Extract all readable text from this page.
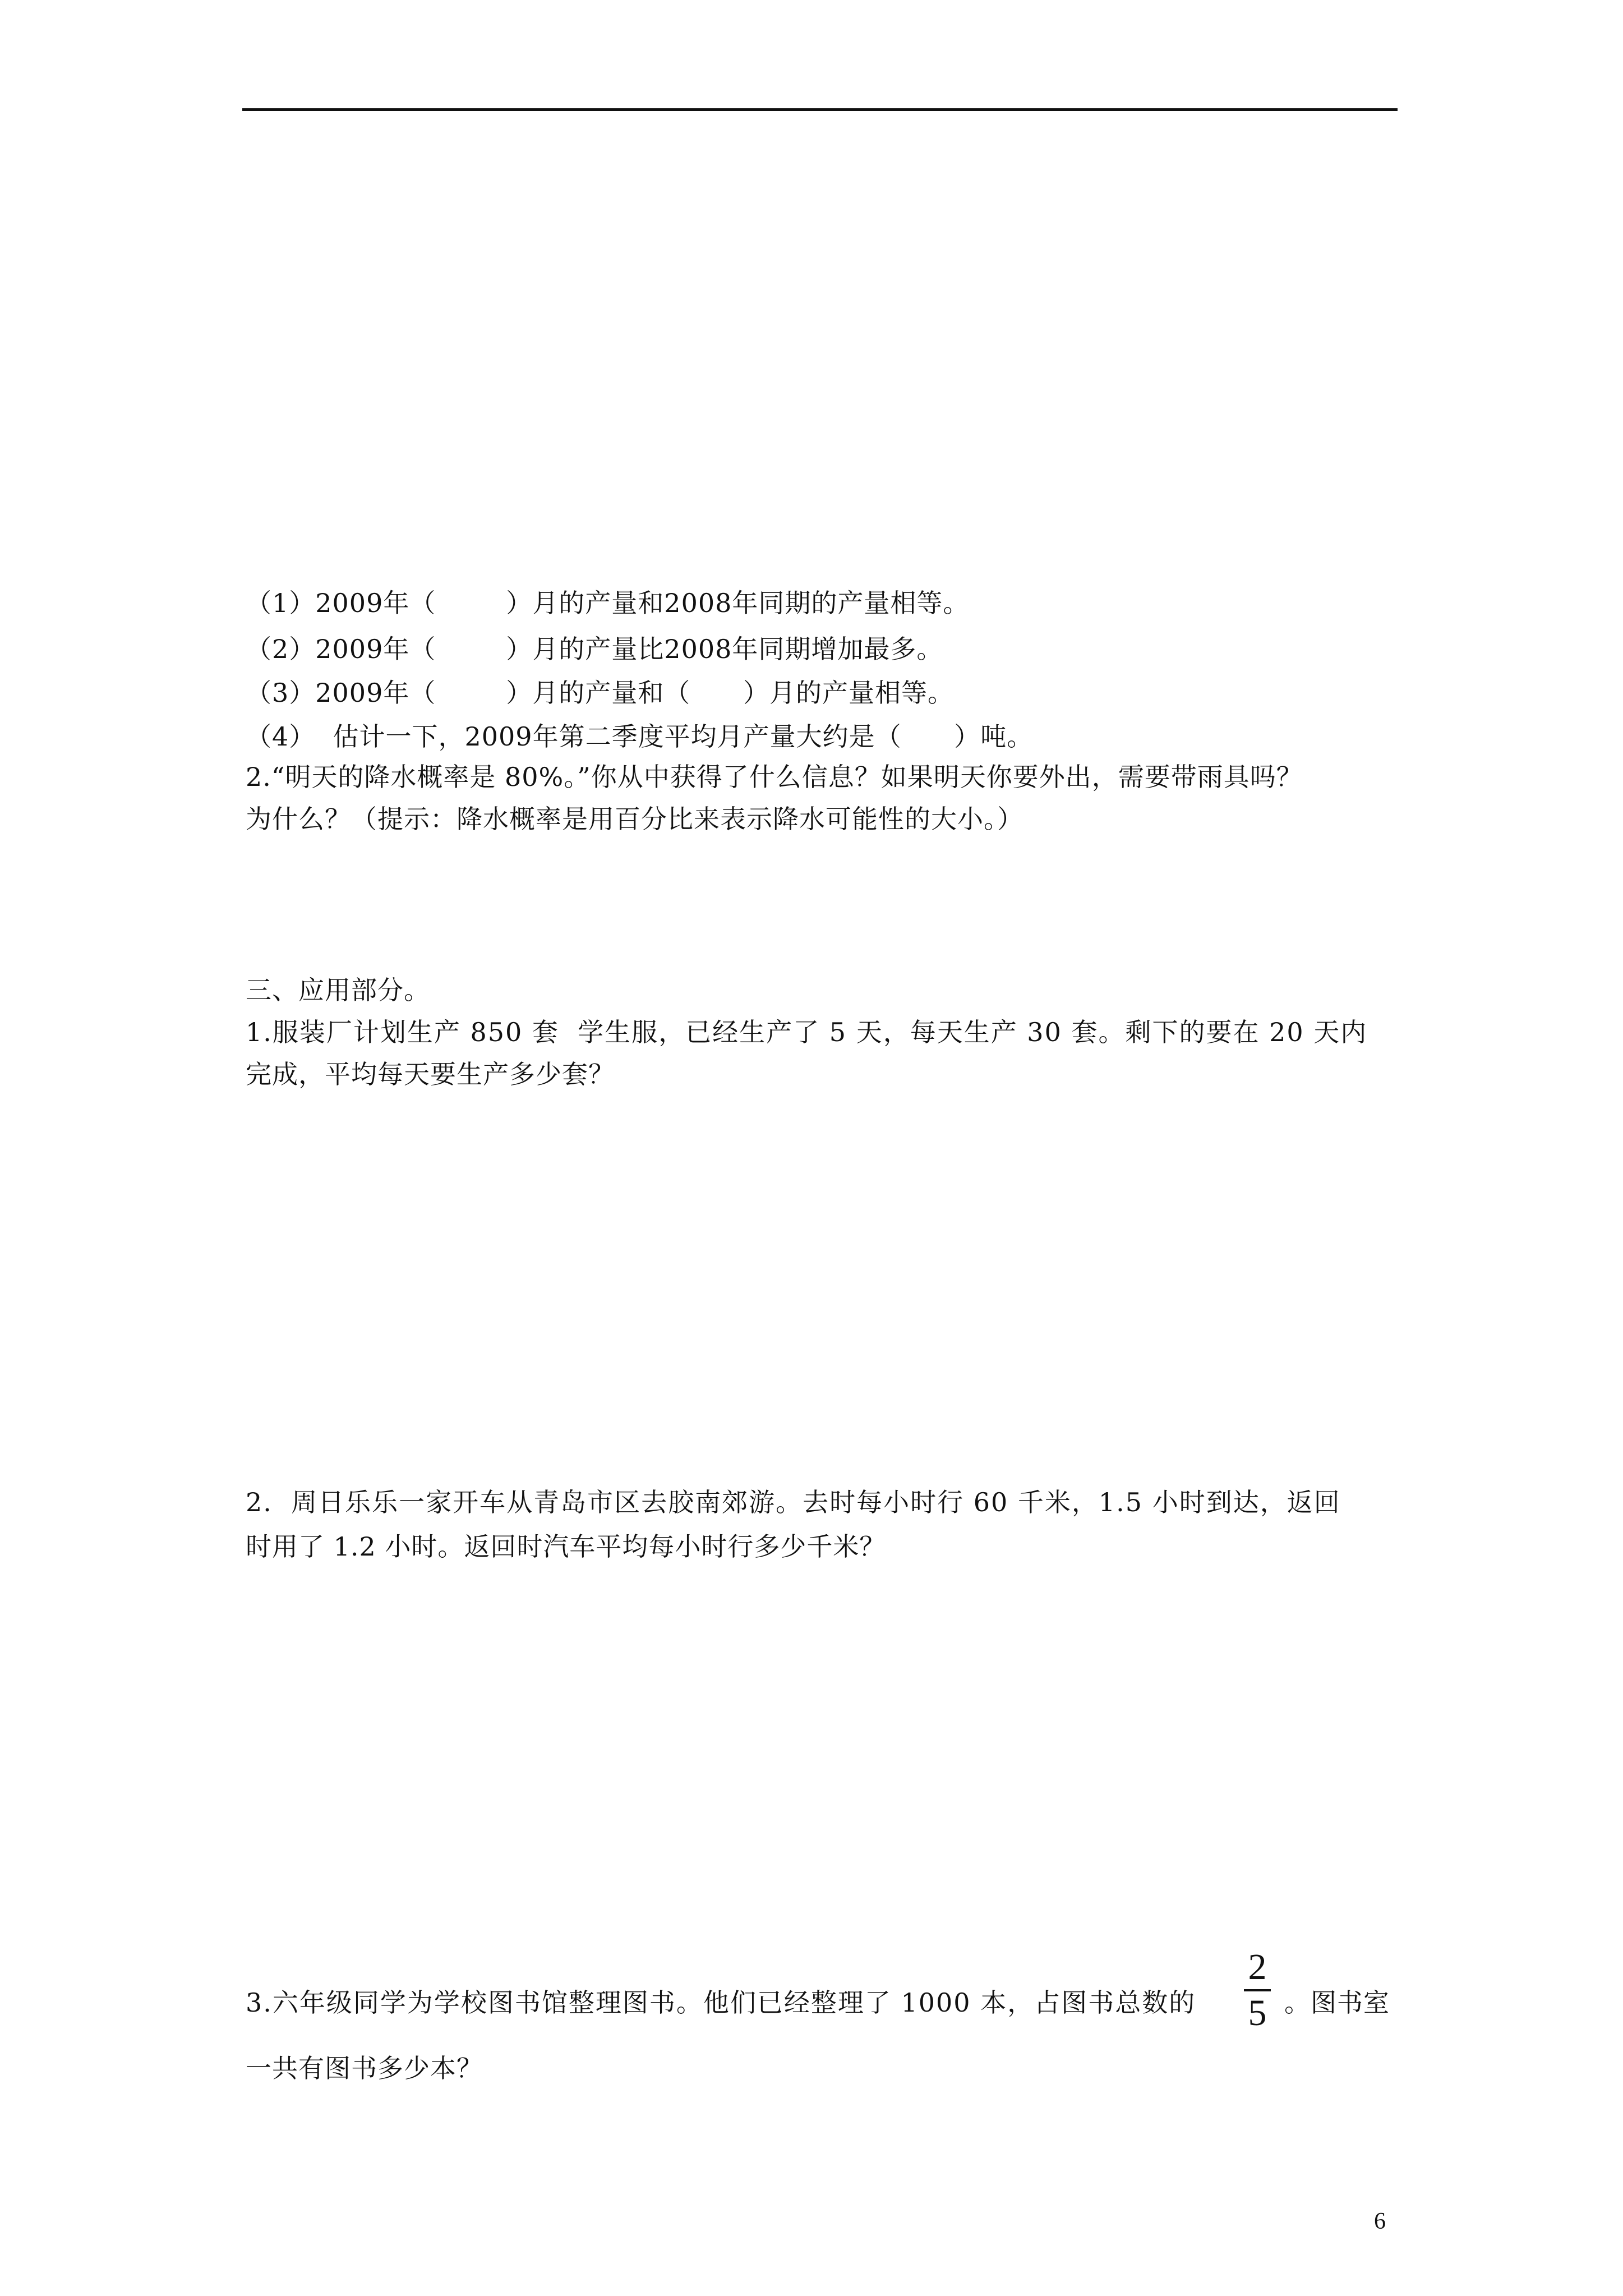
（1）2009年（        ）月的产量和2008年同期的产量相等。
（2）2009年（        ）月的产量比2008年同期增加最多。
（3）2009年（        ）月的产量和（      ）月的产量相等。
（4）  估计一下，2009年第二季度平均月产量大约是（      ）吨。
2.“明天的降水概率是 80%。”你从中获得了什么信息？如果明天你要外出，需要带雨具吗？
为什么？（提示：降水概率是用百分比来表示降水可能性的大小。）
三、应用部分。
1.服装厂计划生产 850 套  学生服，已经生产了 5 天，每天生产 30 套。剩下的要在 20 天内
完成，平均每天要生产多少套？
2.  周日乐乐一家开车从青岛市区去胶南郊游。去时每小时行 60 千米，1.5 小时到达，返回
时用了 1.2 小时。返回时汽车平均每小时行多少千米？
3.六年级同学为学校图书馆整理图书。他们已经整理了 1000 本，占图书总数的
2
5 。图书室
一共有图书多少本？
6
